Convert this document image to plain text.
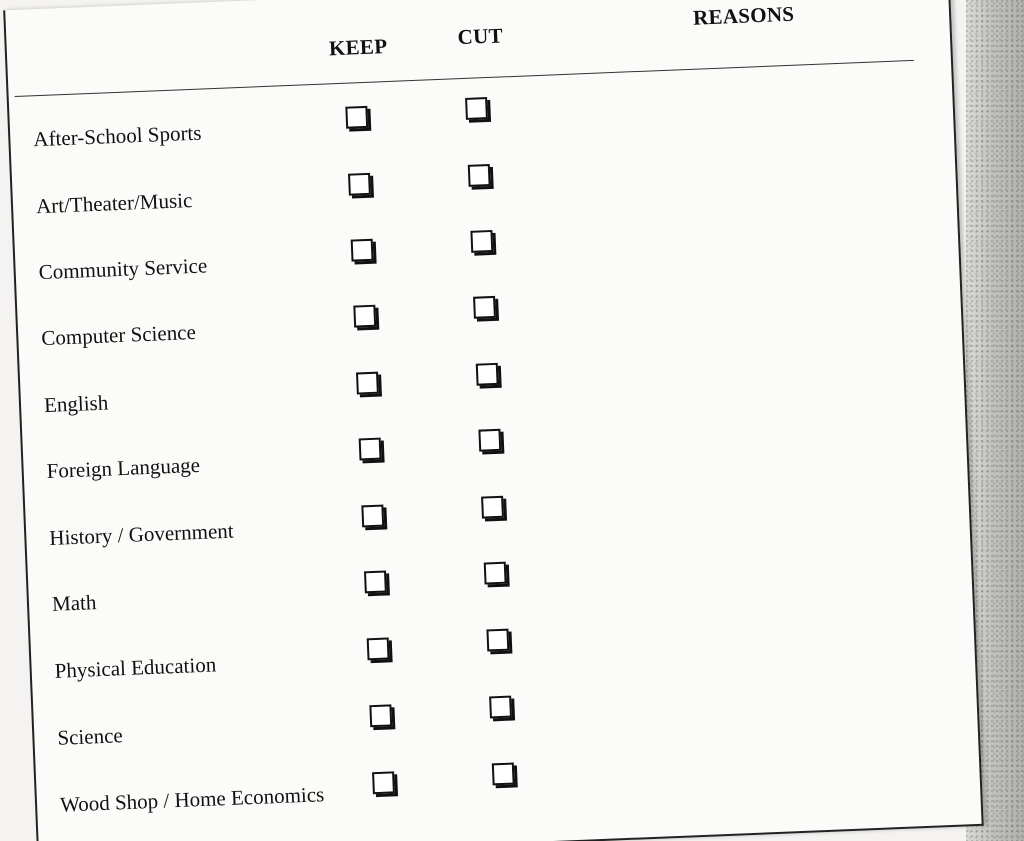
KEEP	CUT
REASONS
After-School Sports
Art/Theater/Music
Community Service
Computer Science
English
Foreign Language
History / Government
Math
Physical Education
Science
Wood Shop / Home Economics
